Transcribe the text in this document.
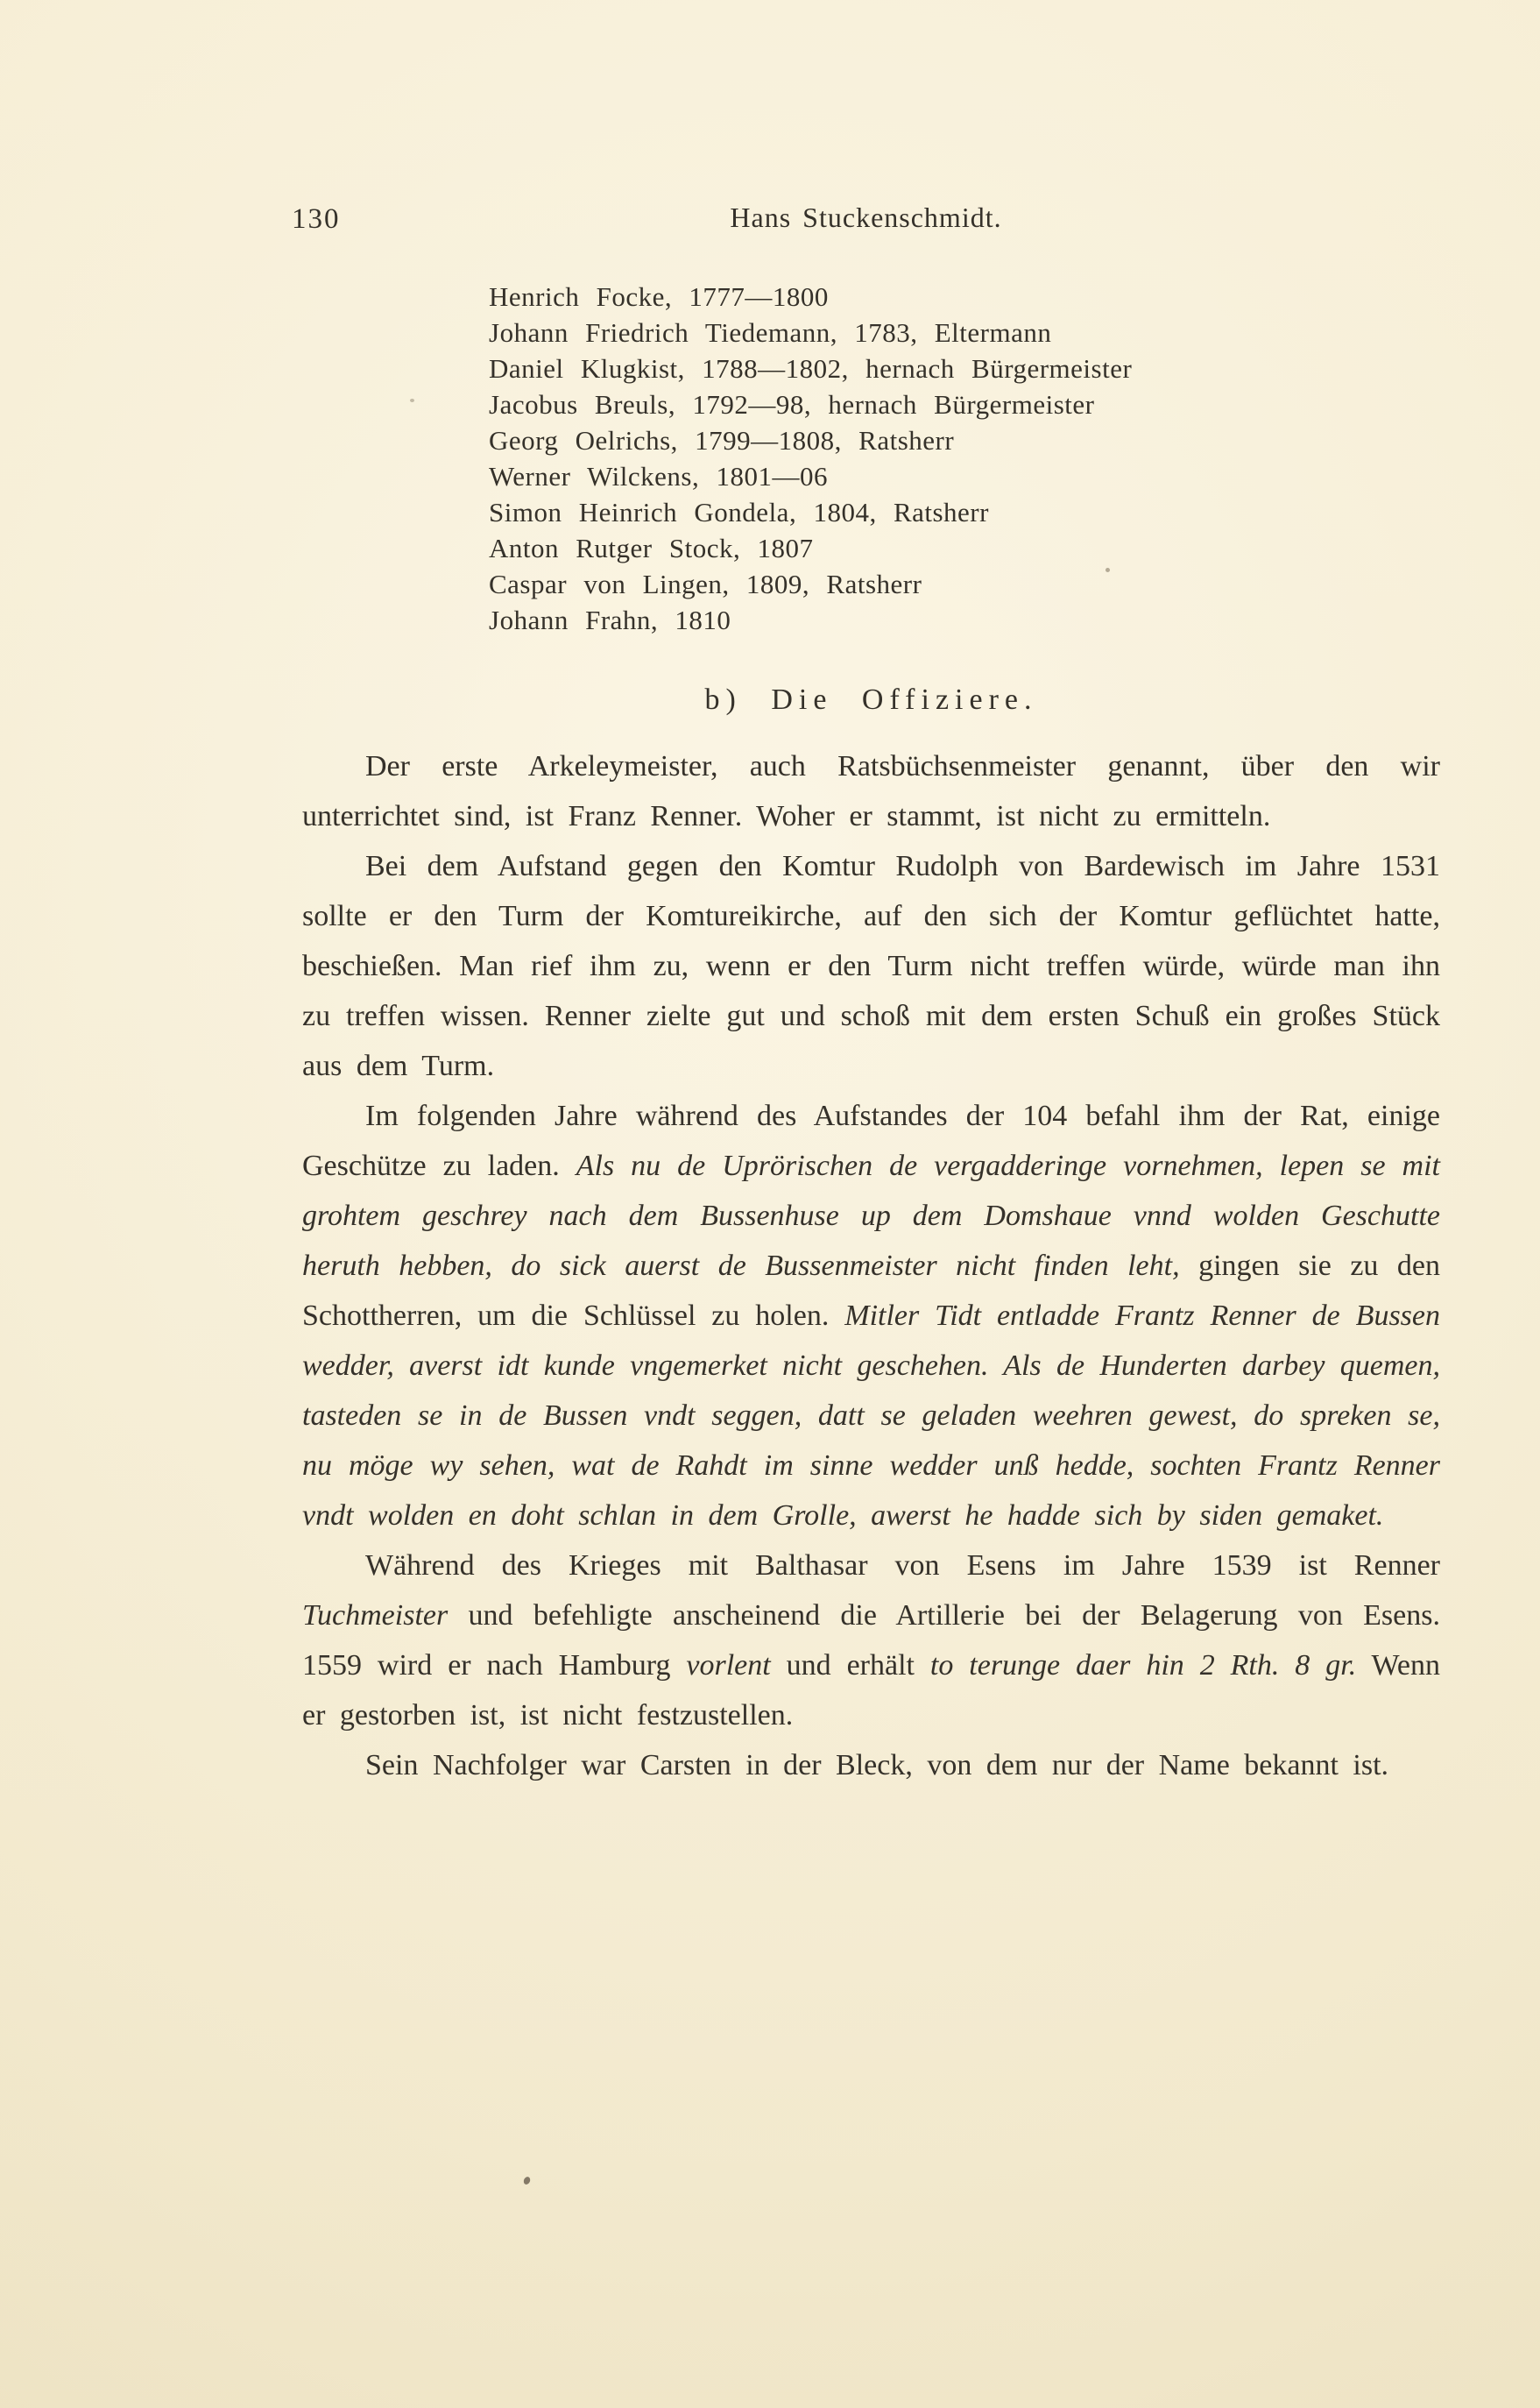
130	Hans Stuckenschmidt.
Henrich Focke, 1777—1800
Johann Friedrich Tiedemann, 1783, Eltermann
Daniel Klugkist, 1788—1802, hernach Bürgermeister
Jacobus Breuls, 1792—98, hernach Bürgermeister
Georg Oelrichs, 1799—1808, Ratsherr
Werner Wilckens, 1801—06
Simon Heinrich Gondela, 1804, Ratsherr
Anton Rutger Stock, 1807
Caspar von Lingen, 1809, Ratsherr
Johann Frahn, 1810
b) Die Offiziere.

Der erste Arkeleymeister, auch Ratsbüchsenmeister genannt, über den wir unterrichtet sind, ist Franz Renner. Woher er stammt, ist nicht zu ermitteln.

Bei dem Aufstand gegen den Komtur Rudolph von Bardewisch im Jahre 1531 sollte er den Turm der Komtureikirche, auf den sich der Komtur geflüchtet hatte, beschießen. Man rief ihm zu, wenn er den Turm nicht treffen würde, würde man ihn zu treffen wissen. Renner zielte gut und schoß mit dem ersten Schuß ein großes Stück aus dem Turm.

Im folgenden Jahre während des Aufstandes der 104 befahl ihm der Rat, einige Geschütze zu laden. Als nu de Uprörischen de vergadderinge vornehmen, lepen se mit grohtem geschrey nach dem Bussenhuse up dem Domshaue vnnd wolden Geschutte heruth hebben, do sick auerst de Bussenmeister nicht finden leht, gingen sie zu den Schottherren, um die Schlüssel zu holen. Mitler Tidt entladde Frantz Renner de Bussen wedder, averst idt kunde vngemerket nicht geschehen. Als de Hunderten darbey quemen, tasteden se in de Bussen vndt seggen, datt se geladen weehren gewest, do spreken se, nu möge wy sehen, wat de Rahdt im sinne wedder unß hedde, sochten Frantz Renner vndt wolden en doht schlan in dem Grolle, awerst he hadde sich by siden gemaket.

Während des Krieges mit Balthasar von Esens im Jahre 1539 ist Renner Tuchmeister und befehligte anscheinend die Artillerie bei der Belagerung von Esens. 1559 wird er nach Hamburg vorlent und erhält to terunge daer hin 2 Rth. 8 gr. Wenn er gestorben ist, ist nicht festzustellen.

Sein Nachfolger war Carsten in der Bleck, von dem nur der Name bekannt ist.
